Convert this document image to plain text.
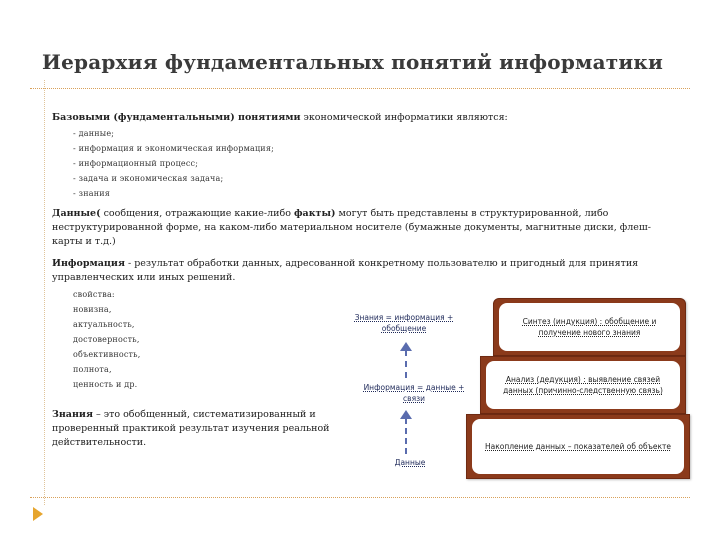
Иерархия фундаментальных понятий информатики
Базовыми (фундаментальными) понятиями экономической информатики являются:
- данные;
- информация и экономическая информация;
- информационный процесс;
- задача и экономическая задача;
- знания
Данные( сообщения, отражающие какие-либо факты) могут быть представлены в структурированной, либо неструктурированной форме, на каком-либо материальном носителе (бумажные документы, магнитные диски, флеш-карты и т.д.)
Информация - результат обработки данных, адресованной конкретному пользователю и пригодный для принятия управленческих или иных решений.
свойства:
новизна,
актуальность,
достоверность,
объективность,
полнота,
ценность и др.
Знания – это обобщенный, систематизированный и проверенный практикой результат изучения реальной действительности.
Знания = информация + обобщение
Информация = данные + связи
Данные
Синтез (индукция) : обобщение и получение нового знания
Анализ (дедукция) : выявление связей данных (причинно-следственную связь)
Накопление данных – показателей об объекте
